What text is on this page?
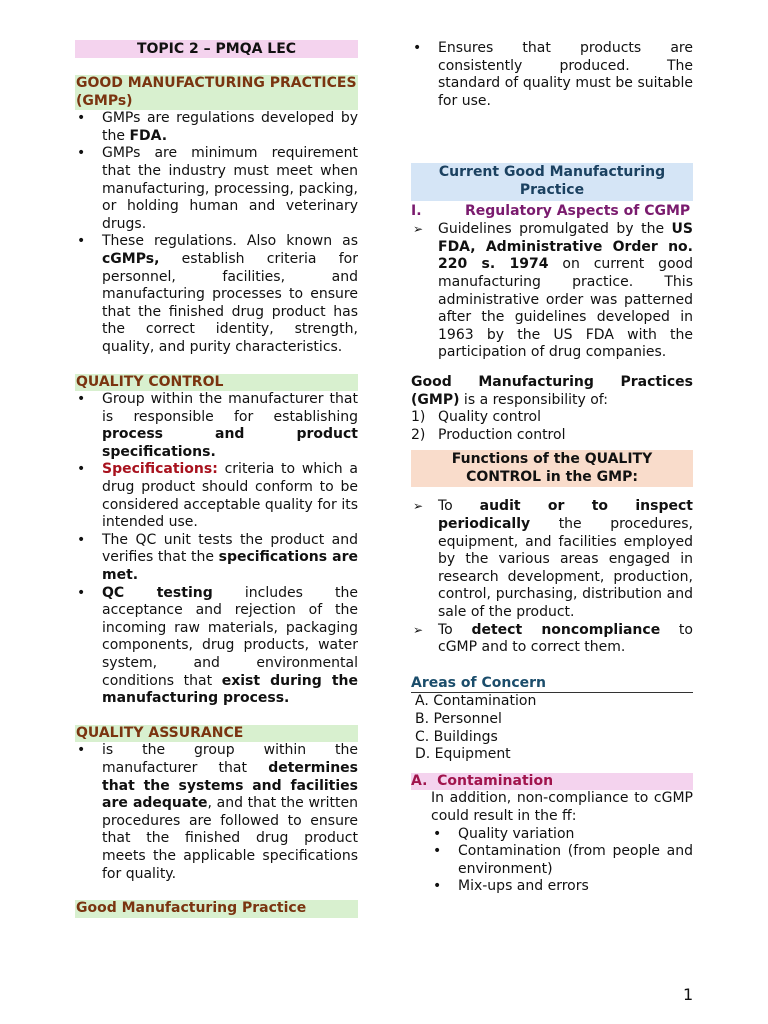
TOPIC 2 – PMQA LEC
GOOD MANUFACTURING PRACTICES (GMPs)
• GMPs are regulations developed by the FDA.
• GMPs are minimum requirement that the industry must meet when manufacturing, processing, packing, or holding human and veterinary drugs.
• These regulations. Also known as cGMPs, establish criteria for personnel, facilities, and manufacturing processes to ensure that the finished drug product has the correct identity, strength, quality, and purity characteristics.
QUALITY CONTROL
• Group within the manufacturer that is responsible for establishing process and product specifications.
• Specifications: criteria to which a drug product should conform to be considered acceptable quality for its intended use.
• The QC unit tests the product and verifies that the specifications are met.
• QC testing includes the acceptance and rejection of the incoming raw materials, packaging components, drug products, water system, and environmental conditions that exist during the manufacturing process.
QUALITY ASSURANCE
• is the group within the manufacturer that determines that the systems and facilities are adequate, and that the written procedures are followed to ensure that the finished drug product meets the applicable specifications for quality.
Good Manufacturing Practice
• Ensures that products are consistently produced. The standard of quality must be suitable for use.
Current Good Manufacturing Practice
I.	Regulatory Aspects of CGMP
➢ Guidelines promulgated by the US FDA, Administrative Order no. 220 s. 1974 on current good manufacturing practice. This administrative order was patterned after the guidelines developed in 1963 by the US FDA with the participation of drug companies.
Good Manufacturing Practices (GMP) is a responsibility of:
1) Quality control
2) Production control
Functions of the QUALITY CONTROL in the GMP:
➢ To audit or to inspect periodically the procedures, equipment, and facilities employed by the various areas engaged in research development, production, control, purchasing, distribution and sale of the product.
➢ To detect noncompliance to cGMP and to correct them.
Areas of Concern
A. Contamination
B. Personnel
C. Buildings
D. Equipment
A.  Contamination
In addition, non-compliance to cGMP could result in the ff:
• Quality variation
• Contamination (from people and environment)
• Mix-ups and errors
1
